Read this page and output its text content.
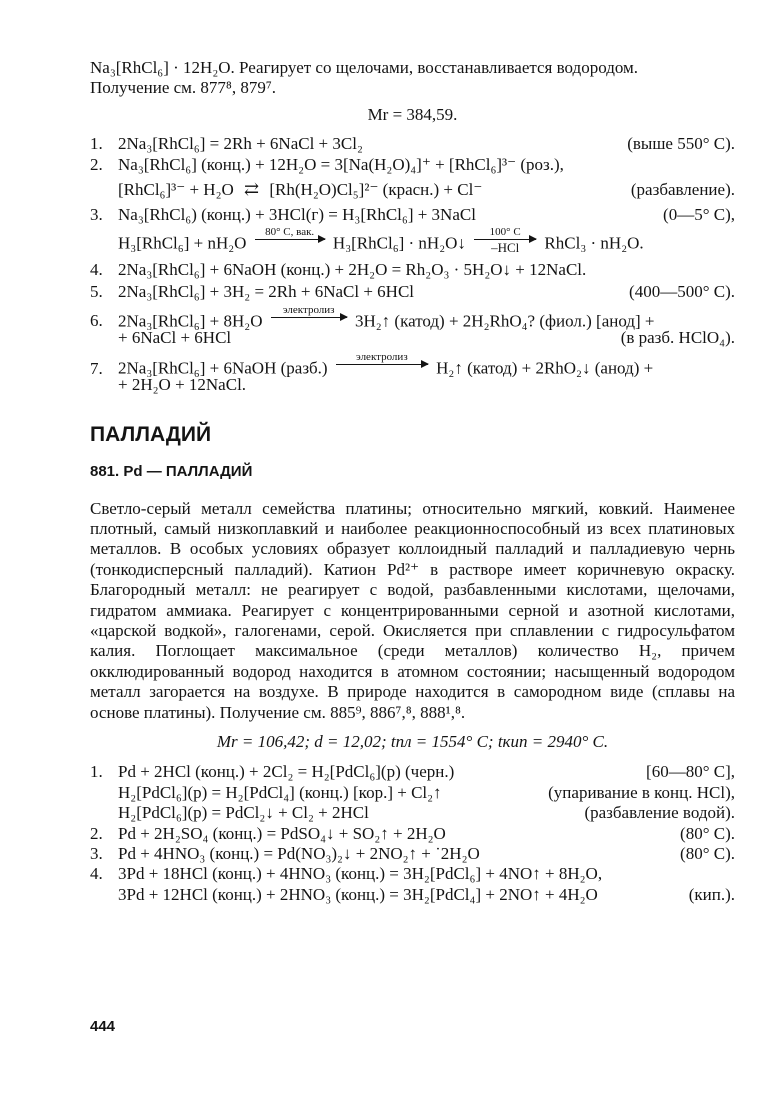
Na₃[RhCl₆] · 12H₂O. Реагирует со щелочами, восстанавливается водородом.

Получение см. 877⁸, 879⁷.

Mr = 384,59.
1. 2Na₃[RhCl₆] = 2Rh + 6NaCl + 3Cl₂	(выше 550° С).
2. Na₃[RhCl₆] (конц.) + 12H₂O = 3[Na(H₂O)₄]⁺ + [RhCl₆]³⁻ (роз.),
[RhCl₆]³⁻ + H₂O ⇄ [Rh(H₂O)Cl₅]²⁻ (красн.) + Cl⁻	(разбавление).
3. Na₃[RhCl₆) (конц.) + 3HCl(г) = H₃[RhCl₆] + 3NaCl	(0—5° С),
H₃[RhCl₆] + nH₂O
80° С, вак.

H₃[RhCl₆] · nH₂O↓
100° С
–HCl RhCl₃ · nH₂O.
4. 2Na₃[RhCl₆] + 6NaOH (конц.) + 2H₂O = Rh₂O₃ · 5H₂O↓ + 12NaCl.
5. 2Na₃[RhCl₆] + 3H₂ = 2Rh + 6NaCl + 6HCl	(400—500° С).
6. 2Na₃[RhCl₆] + 8H₂O
электролиз

3H₂↑ (катод) + 2H₂RhO₄? (фиол.) [анод] +
+ 6NaCl + 6HCl	(в разб. HClO₄).
7. 2Na₃[RhCl₆] + 6NaOH (разб.)
электролиз

H₂↑ (катод) + 2RhO₂↓ (анод) +
+ 2H₂O + 12NaCl.
ПАЛЛАДИЙ
881. Pd — ПАЛЛАДИЙ

Светло-серый металл семейства платины; относительно мягкий, ковкий. Наименее плотный, самый низкоплавкий и наиболее реакционноспособный из всех платиновых металлов. В особых условиях образует коллоидный палладий и палладиевую чернь (тонкодисперсный палладий). Катион Pd²⁺ в растворе имеет коричневую окраску. Благородный металл: не реагирует с водой, разбавленными кислотами, щелочами, гидратом аммиака. Реагирует с концентрированными серной и азотной кислотами, «царской водкой», галогенами, серой. Окисляется при сплавлении с гидросульфатом калия. Поглощает максимальное (среди металлов) количество H₂, причем окклюдированный водород находится в атомном состоянии; насыщенный водородом металл загорается на воздухе. В природе находится в самородном виде (сплавы на основе платины). Получение см. 885⁹, 886⁷,⁸, 888¹,⁸.

Mr = 106,42; d = 12,02; tпл = 1554° С; tкип = 2940° С.
1. Pd + 2HCl (конц.) + 2Cl₂ = H₂[PdCl₆](р) (черн.)	[60—80° С],
H₂[PdCl₆](р) = H₂[PdCl₄] (конц.) [кор.] + Cl₂↑	(упаривание в конц. HCl),
H₂[PdCl₆](р) = PdCl₂↓ + Cl₂ + 2HCl	(разбавление водой).
2. Pd + 2H₂SO₄ (конц.) = PdSO₄↓ + SO₂↑ + 2H₂O	(80° С).
3. Pd + 4HNO₃ (конц.) = Pd(NO₃)₂↓ + 2NO₂↑ + ˙2H₂O	(80° С).
4. 3Pd + 18HCl (конц.) + 4HNO₃ (конц.) = 3H₂[PdCl₆] + 4NO↑ + 8H₂O,
3Pd + 12HCl (конц.) + 2HNO₃ (конц.) = 3H₂[PdCl₄] + 2NO↑ + 4H₂O	(кип.).
444
